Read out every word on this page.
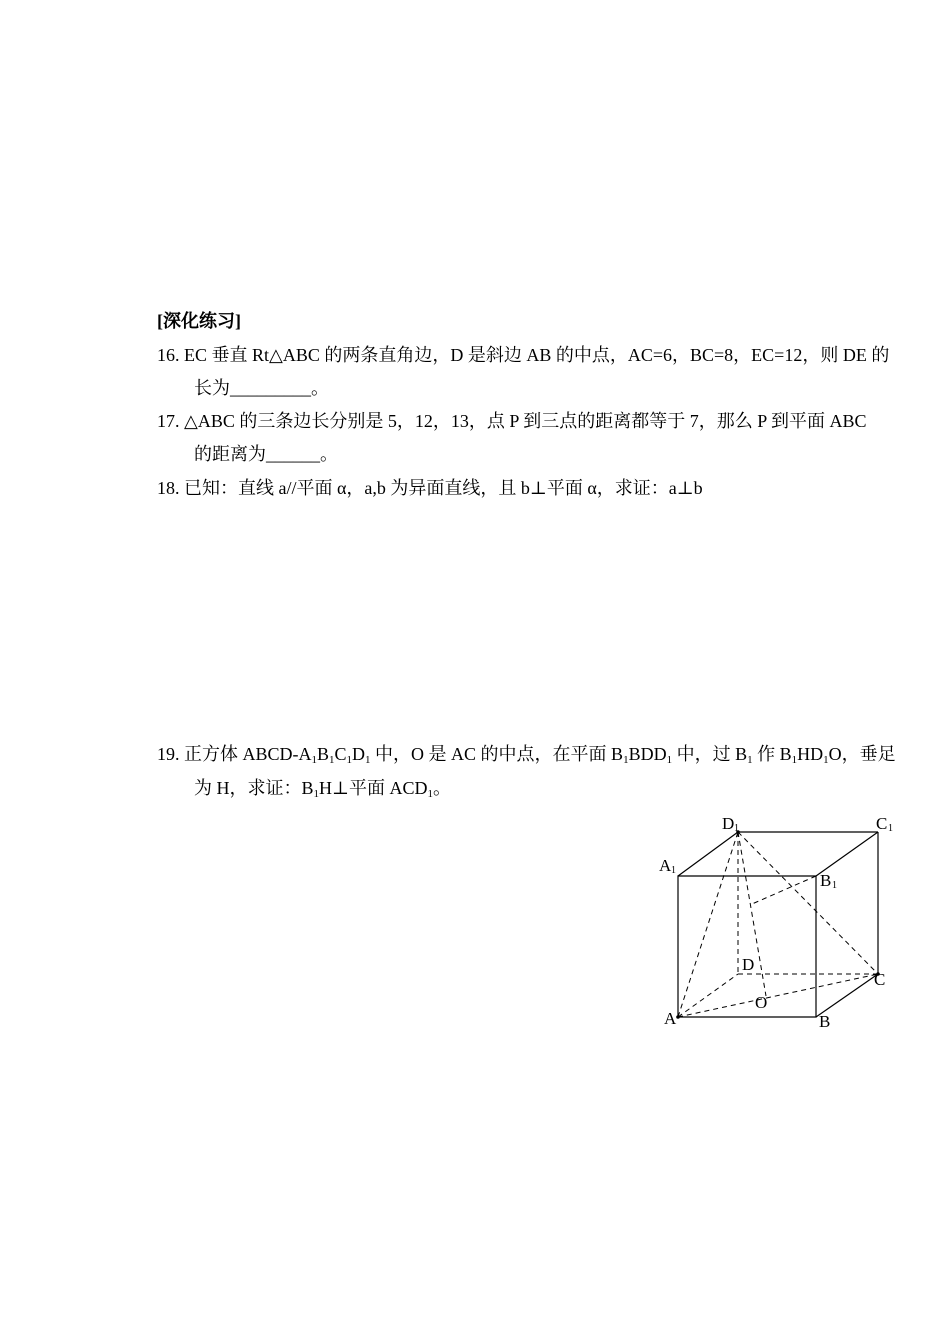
[深化练习]
16. EC 垂直 Rt△ABC 的两条直角边，D 是斜边 AB 的中点，AC=6，BC=8，EC=12，则 DE 的
长为_________。
17. △ABC 的三条边长分别是 5，12，13，点 P 到三点的距离都等于 7，那么 P 到平面 ABC
的距离为______。
18. 已知：直线 a//平面 α，a,b 为异面直线，且 b⊥平面 α，求证：a⊥b
19. 正方体 ABCD-$A_1B_1C_1D_1$ 中，O 是 AC 的中点，在平面 $B_1BDD_1$ 中，过 $B_1$ 作 $B_1HD_1O$，垂足
为 H，求证：$B_1H\perp$平面 $ACD_1$。
D 1	C 1
A 1
B 1
D
C
O
A	B
